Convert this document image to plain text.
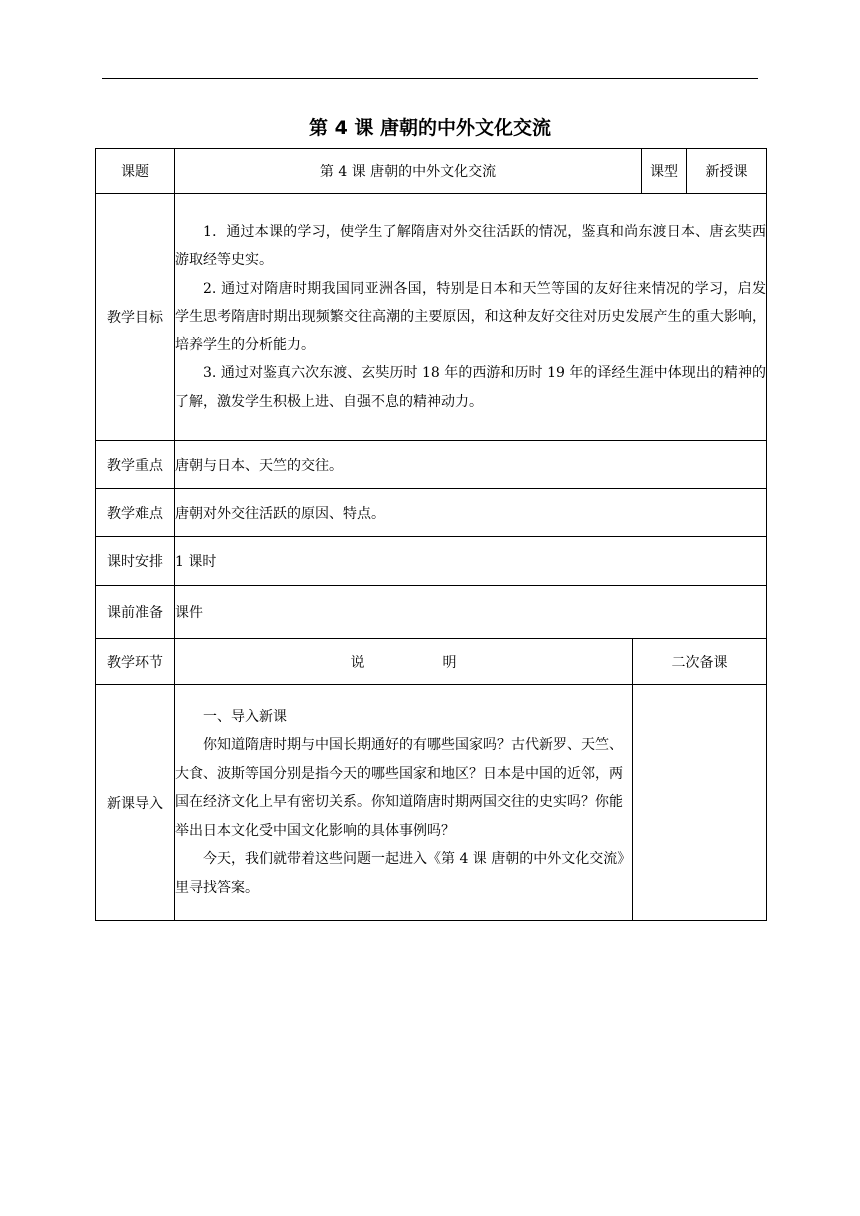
第 4 课 唐朝的中外文化交流
课题	第 4 课 唐朝的中外文化交流		课型	新授课
教学目标	1．通过本课的学习，使学生了解隋唐对外交往活跃的情况，鉴真和尚东渡日本、唐玄奘西游取经等史实。

2. 通过对隋唐时期我国同亚洲各国，特别是日本和天竺等国的友好往来情况的学习，启发学生思考隋唐时期出现频繁交往高潮的主要原因，和这种友好交往对历史发展产生的重大影响，培养学生的分析能力。

3. 通过对鉴真六次东渡、玄奘历时 18 年的西游和历时 19 年的译经生涯中体现出的精神的了解，激发学生积极上进、自强不息的精神动力。			

教学重点	唐朝与日本、天竺的交往。			
教学难点	唐朝对外交往活跃的原因、特点。			
课时安排	1 课时			
课前准备	课件			
教学环节	说 明	二次备课		
新课导入	一、导入新课

你知道隋唐时期与中国长期通好的有哪些国家吗？古代新罗、天竺、大食、波斯等国分别是指今天的哪些国家和地区？日本是中国的近邻，两国在经济文化上早有密切关系。你知道隋唐时期两国交往的史实吗？你能举出日本文化受中国文化影响的具体事例吗？

今天，我们就带着这些问题一起进入《第 4 课 唐朝的中外文化交流》里寻找答案。			
